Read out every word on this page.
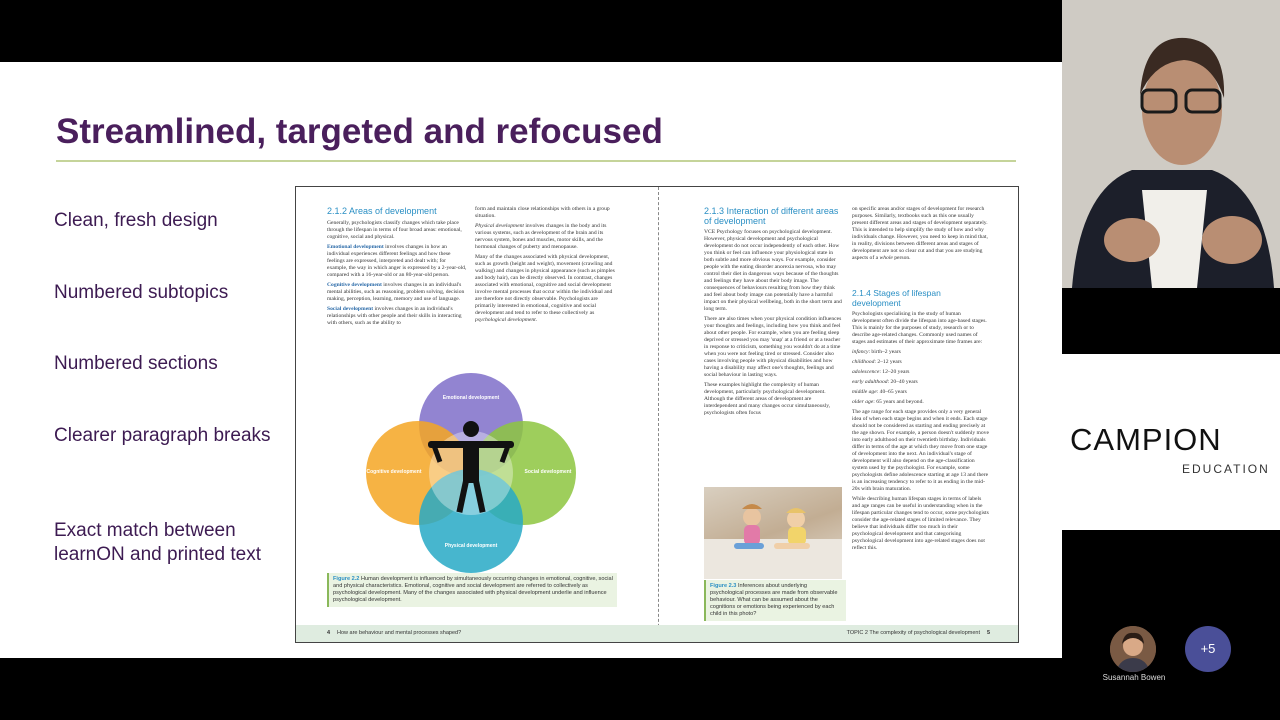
Streamlined, targeted and refocused
Clean, fresh design
Numbered subtopics
Numbered sections
Clearer paragraph breaks
Exact match between learnON and printed text
2.1.2 Areas of development

Generally, psychologists classify changes which take place through the lifespan in terms of four broad areas: emotional, cognitive, social and physical.

Emotional development involves changes in how an individual experiences different feelings and how these feelings are expressed, interpreted and dealt with; for example, the way in which anger is expressed by a 2-year-old, compared with a 16-year-old or an 80-year-old person.

Cognitive development involves changes in an individual's mental abilities, such as reasoning, problem solving, decision making, perception, learning, memory and use of language.

Social development involves changes in an individual's relationships with other people and their skills in interacting with others, such as the ability to

form and maintain close relationships with others in a group situation.

Physical development involves changes in the body and its various systems, such as development of the brain and its nervous system, bones and muscles, motor skills, and the hormonal changes of puberty and menopause.

Many of the changes associated with physical development, such as growth (height and weight), movement (crawling and walking) and changes in physical appearance (such as pimples and body hair), can be directly observed. In contrast, changes associated with emotional, cognitive and social development involve mental processes that occur within the individual and are therefore not directly observable. Psychologists are primarily interested in emotional, cognitive and social development and tend to refer to these collectively as psychological development.

Emotional development
Cognitive development	Social development
Physical development
Figure 2.2 Human development is influenced by simultaneously occurring changes in emotional, cognitive, social and physical characteristics. Emotional, cognitive and social development are referred to collectively as psychological development. Many of the changes associated with physical development underlie and influence psychological development.
2.1.3 Interaction of different areas of development

VCE Psychology focuses on psychological development. However, physical development and psychological development do not occur independently of each other. How you think or feel can influence your physiological state in both subtle and more obvious ways. For example, consider people with the eating disorder anorexia nervosa, who may control their diet in dangerous ways because of the thoughts and feelings they have about their body image. The consequences of behaviours resulting from how they think and feel about body image can potentially have a harmful impact on their physical wellbeing, both in the short term and long term.

There are also times when your physical condition influences your thoughts and feelings, including how you think and feel about other people. For example, when you are feeling sleep deprived or stressed you may 'snap' at a friend or at a teacher in response to criticism, something you wouldn't do at a time when you were not feeling tired or stressed. Consider also cases involving people with physical disabilities and how having a disability may affect one's thoughts, feelings and social behaviour in lasting ways.

These examples highlight the complexity of human development, particularly psychological development. Although the different areas of development are interdependent and many changes occur simultaneously, psychologists often focus

Figure 2.3 Inferences about underlying psychological processes are made from observable behaviour. What can be assumed about the cognitions or emotions being experienced by each child in this photo?

on specific areas and/or stages of development for research purposes. Similarly, textbooks such as this one usually present different areas and stages of development separately. This is intended to help simplify the study of how and why individuals change. However, you need to keep in mind that, in reality, divisions between different areas and stages of development are not so clear cut and that you are studying aspects of a whole person.

2.1.4 Stages of lifespan development

Psychologists specialising in the study of human development often divide the lifespan into age-based stages. This is mainly for the purposes of study, research or to describe age-related changes. Commonly used names of stages and estimates of their approximate time frames are:

infancy: birth–2 years

childhood: 2–12 years

adolescence: 12–20 years

early adulthood: 20–40 years

middle age: 40–65 years

older age: 65 years and beyond.

The age range for each stage provides only a very general idea of when each stage begins and when it ends. Each stage should not be considered as starting and ending precisely at the age shown. For example, a person doesn't suddenly move into early adulthood on their twentieth birthday. Individuals differ in terms of the age at which they move from one stage of development into the next. An individual's stage of development will also depend on the age-classification system used by the psychologist. For example, some psychologists define adolescence starting at age 13 and there is an increasing tendency to refer to it as ending in the mid-20s with brain maturation.

While describing human lifespan stages in terms of labels and age ranges can be useful in understanding when in the lifespan particular changes tend to occur, some psychologists consider the age-related stages of limited relevance. They believe that individuals differ too much in their psychological development and that categorising psychological development into age-related stages does not reflect this.

4 How are behaviour and mental processes shaped?	TOPIC 2 The complexity of psychological development 5
CAMPION
EDUCATION
Susannah Bowen
+5
